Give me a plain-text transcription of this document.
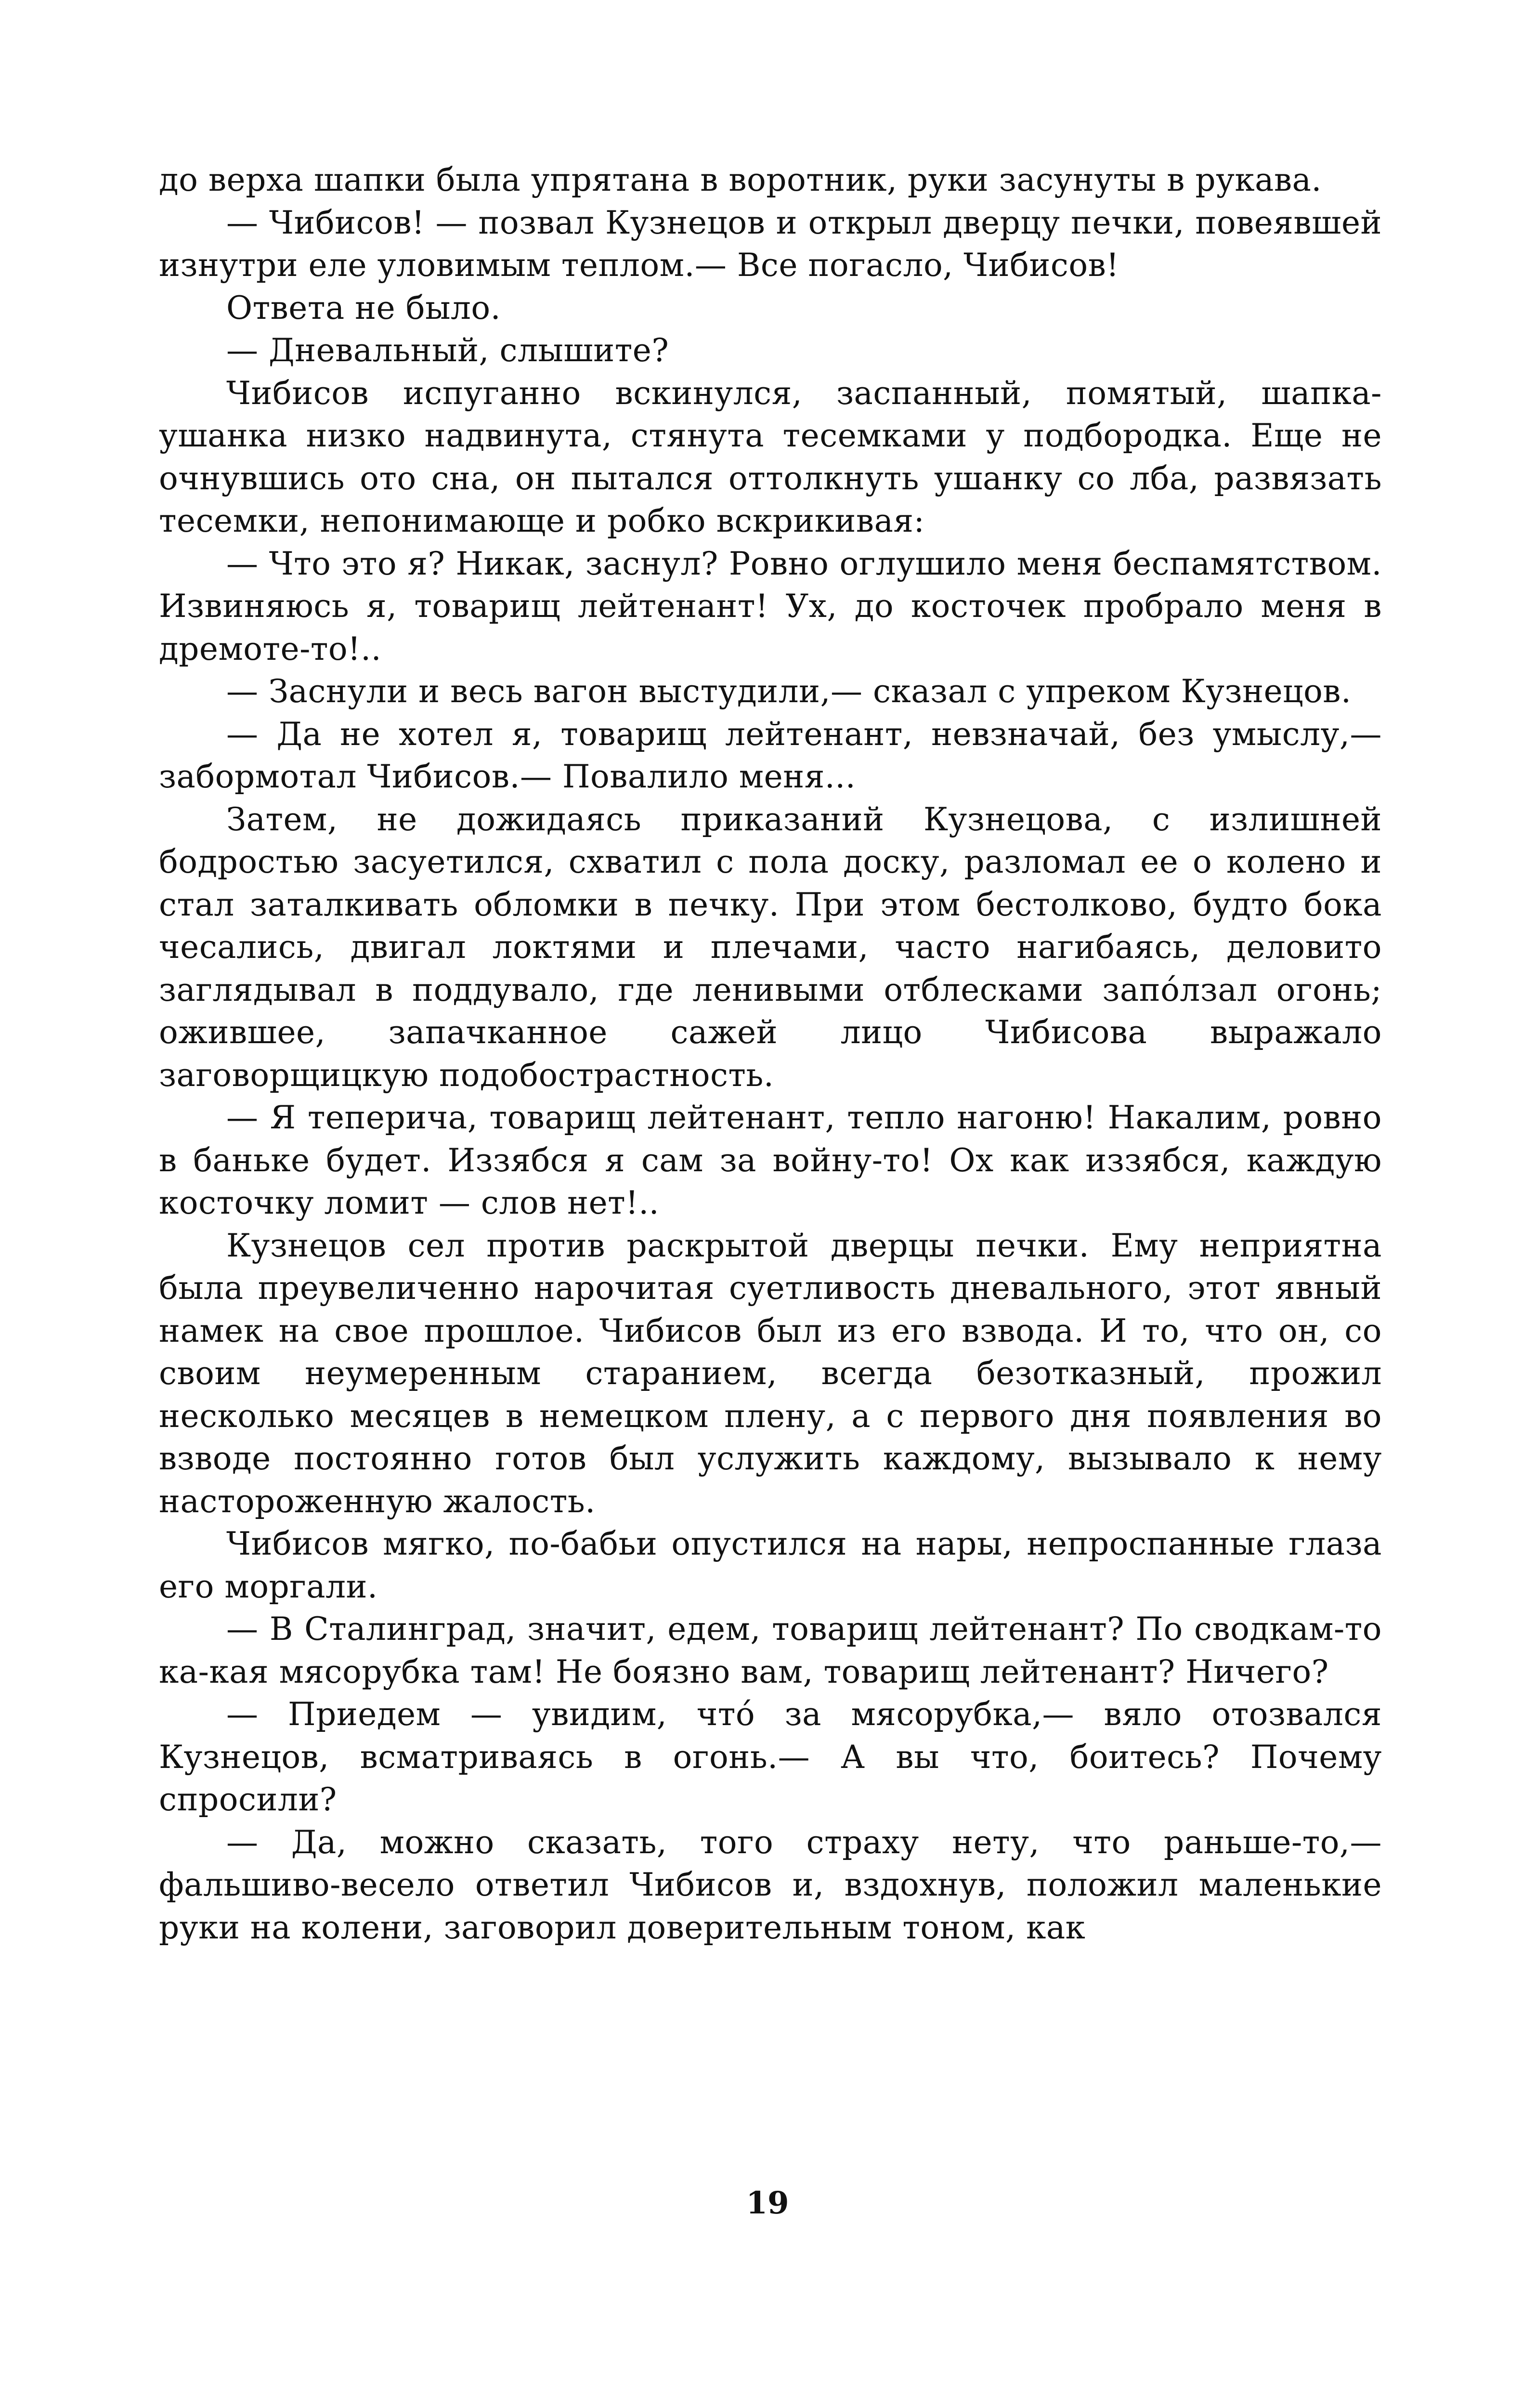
до верха шапки была упрятана в воротник, руки засунуты в рукава.

— Чибисов! — позвал Кузнецов и открыл дверцу печки, повеявшей изнутри еле уловимым теплом.— Все погасло, Чибисов!

Ответа не было.

— Дневальный, слышите?

Чибисов испуганно вскинулся, заспанный, помятый, шапка-ушанка низко надвинута, стянута тесемками у подбородка. Еще не очнувшись ото сна, он пытался оттолкнуть ушанку со лба, развязать тесемки, непонимающе и робко вскрикивая:

— Что это я? Никак, заснул? Ровно оглушило меня беспамятством. Извиняюсь я, товарищ лейтенант! Ух, до косточек пробрало меня в дремоте-то!..

— Заснули и весь вагон выстудили,— сказал с упреком Кузнецов.

— Да не хотел я, товарищ лейтенант, невзначай, без умыслу,— забормотал Чибисов.— Повалило меня...

Затем, не дожидаясь приказаний Кузнецова, с излишней бодростью засуетился, схватил с пола доску, разломал ее о колено и стал заталкивать обломки в печку. При этом бестолково, будто бока чесались, двигал локтями и плечами, часто нагибаясь, деловито заглядывал в поддувало, где ленивыми отблесками запо́лзал огонь; ожившее, запачканное сажей лицо Чибисова выражало заговорщицкую подобострастность.

— Я теперича, товарищ лейтенант, тепло нагоню! Накалим, ровно в баньке будет. Иззябся я сам за войну-то! Ох как иззябся, каждую косточку ломит — слов нет!..

Кузнецов сел против раскрытой дверцы печки. Ему неприятна была преувеличенно нарочитая суетливость дневального, этот явный намек на свое прошлое. Чибисов был из его взвода. И то, что он, со своим неумеренным старанием, всегда безотказный, прожил несколько месяцев в немецком плену, а с первого дня появления во взводе постоянно готов был услужить каждому, вызывало к нему настороженную жалость.

Чибисов мягко, по-бабьи опустился на нары, непроспанные глаза его моргали.

— В Сталинград, значит, едем, товарищ лейтенант? По сводкам-то ка-кая мясорубка там! Не боязно вам, товарищ лейтенант? Ничего?

— Приедем — увидим, что́ за мясорубка,— вяло отозвался Кузнецов, всматриваясь в огонь.— А вы что, боитесь? Почему спросили?

— Да, можно сказать, того страху нету, что раньше-то,— фальшиво-весело ответил Чибисов и, вздохнув, положил маленькие руки на колени, заговорил доверительным тоном, как

19
